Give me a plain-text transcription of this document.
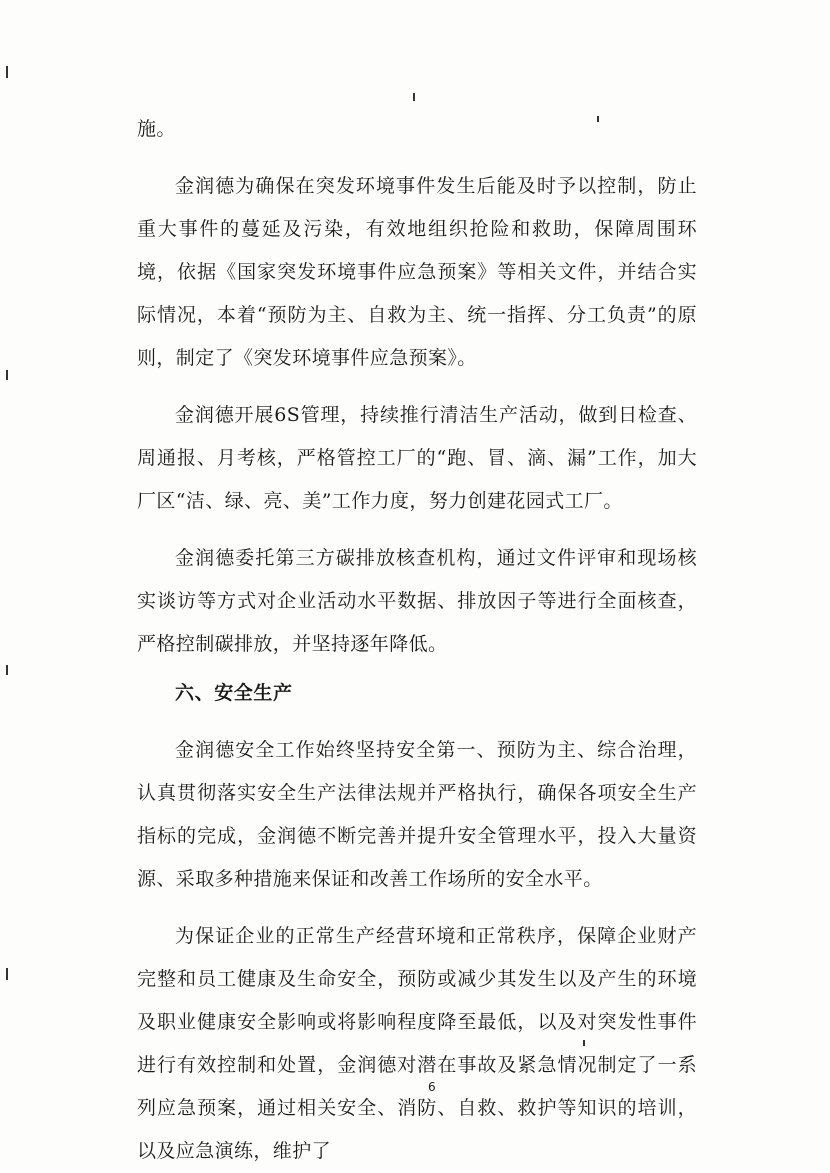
施。

金润德为确保在突发环境事件发生后能及时予以控制，防止重大事件的蔓延及污染，有效地组织抢险和救助，保障周围环境，依据《国家突发环境事件应急预案》等相关文件，并结合实际情况，本着“预防为主、自救为主、统一指挥、分工负责”的原则，制定了《突发环境事件应急预案》。

金润德开展6S管理，持续推行清洁生产活动，做到日检查、周通报、月考核，严格管控工厂的“跑、冒、滴、漏”工作，加大厂区“洁、绿、亮、美”工作力度，努力创建花园式工厂。

金润德委托第三方碳排放核查机构，通过文件评审和现场核实谈访等方式对企业活动水平数据、排放因子等进行全面核查，严格控制碳排放，并坚持逐年降低。

六、安全生产

金润德安全工作始终坚持安全第一、预防为主、综合治理，认真贯彻落实安全生产法律法规并严格执行，确保各项安全生产指标的完成，金润德不断完善并提升安全管理水平，投入大量资源、采取多种措施来保证和改善工作场所的安全水平。

为保证企业的正常生产经营环境和正常秩序，保障企业财产完整和员工健康及生命安全，预防或减少其发生以及产生的环境及职业健康安全影响或将影响程度降至最低，以及对突发性事件进行有效控制和处置，金润德对潜在事故及紧急情况制定了一系列应急预案，通过相关安全、消防、自救、救护等知识的培训，以及应急演练，维护了

6
